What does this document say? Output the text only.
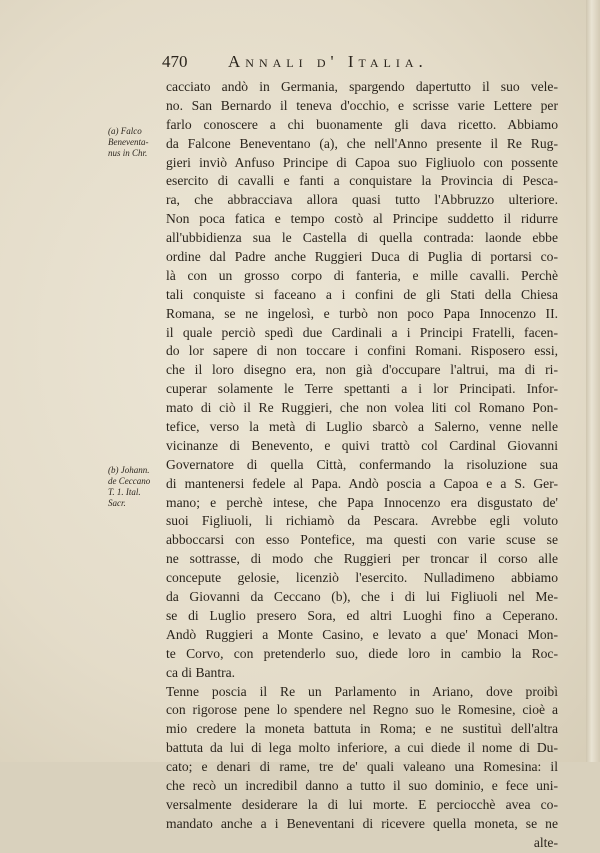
470 Annali d' Italia.
(a) Falco
Beneventa-
nus in Chr.
(b) Johann.
de Ceccano
T. 1. Ital.
Sacr.
cacciato andò in Germania, spargendo dapertutto il suo vele-
no. San Bernardo il teneva d'occhio, e scrisse varie Lettere per
farlo conoscere a chi buonamente gli dava ricetto. Abbiamo
da Falcone Beneventano (a), che nell'Anno presente il Re Rug-
gieri inviò Anfuso Principe di Capoa suo Figliuolo con possente
esercito di cavalli e fanti a conquistare la Provincia di Pesca-
ra, che abbracciava allora quasi tutto l'Abbruzzo ulteriore.
Non poca fatica e tempo costò al Principe suddetto il ridurre
all'ubbidienza sua le Castella di quella contrada: laonde ebbe
ordine dal Padre anche Ruggieri Duca di Puglia di portarsi co-
là con un grosso corpo di fanteria, e mille cavalli. Perchè
tali conquiste si faceano a i confini de gli Stati della Chiesa
Romana, se ne ingelosì, e turbò non poco Papa Innocenzo II.
il quale perciò spedì due Cardinali a i Principi Fratelli, facen-
do lor sapere di non toccare i confini Romani. Risposero essi,
che il loro disegno era, non già d'occupare l'altrui, ma di ri-
cuperar solamente le Terre spettanti a i lor Principati. Infor-
mato di ciò il Re Ruggieri, che non volea liti col Romano Pon-
tefice, verso la metà di Luglio sbarcò a Salerno, venne nelle
vicinanze di Benevento, e quivi trattò col Cardinal Giovanni
Governatore di quella Città, confermando la risoluzione sua
di mantenersi fedele al Papa. Andò poscia a Capoa e a S. Ger-
mano; e perchè intese, che Papa Innocenzo era disgustato de'
suoi Figliuoli, li richiamò da Pescara. Avrebbe egli voluto
abboccarsi con esso Pontefice, ma questi con varie scuse se
ne sottrasse, di modo che Ruggieri per troncar il corso alle
concepute gelosie, licenziò l'esercito. Nulladimeno abbiamo
da Giovanni da Ceccano (b), che i di lui Figliuoli nel Me-
se di Luglio presero Sora, ed altri Luoghi fino a Ceperano.
Andò Ruggieri a Monte Casino, e levato a que' Monaci Mon-
te Corvo, con pretenderlo suo, diede loro in cambio la Roc-
ca di Bantra.
Tenne poscia il Re un Parlamento in Ariano, dove proibì
con rigorose pene lo spendere nel Regno suo le Romesine, cioè a
mio credere la moneta battuta in Roma; e ne sustituì dell'altra
battuta da lui di lega molto inferiore, a cui diede il nome di Du-
cato; e denari di rame, tre de' quali valeano una Romesina: il
che recò un incredibil danno a tutto il suo dominio, e fece uni-
versalmente desiderare la di lui morte. E perciocchè avea co-
mandato anche a i Beneventani di ricevere quella moneta, se ne
alte-
